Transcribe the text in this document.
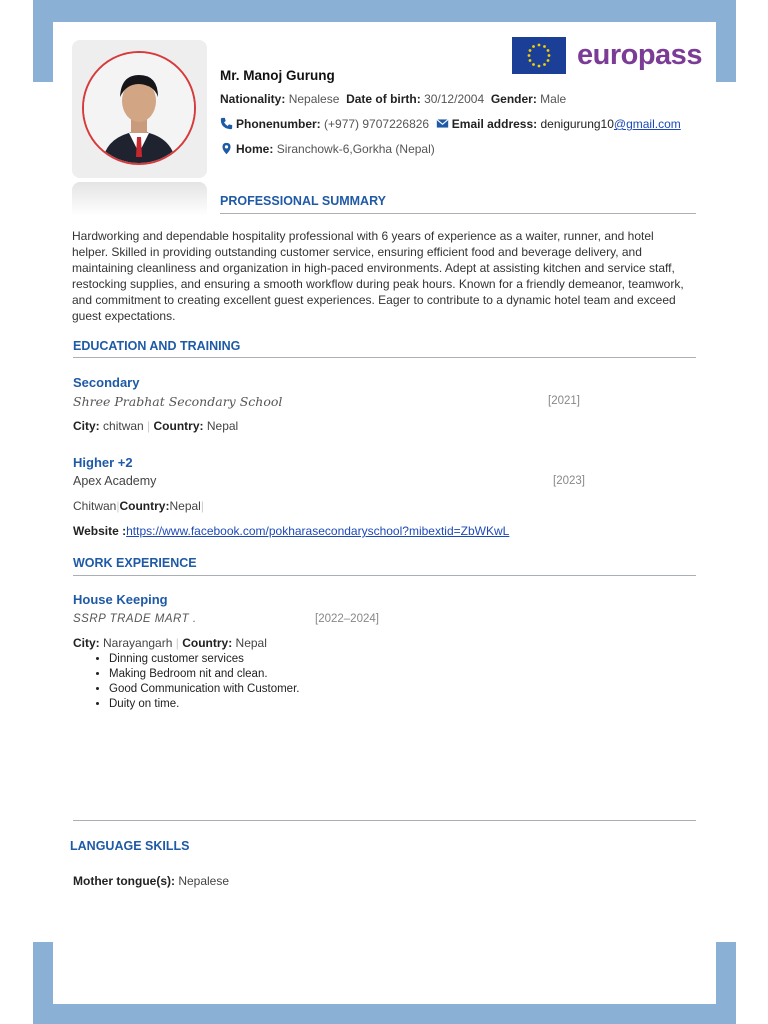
Mr. Manoj Gurung
Nationality: Nepalese Date of birth: 30/12/2004 Gender: Male
Phonenumber: (+977) 9707226826 Email address: denigurung10@gmail.com
Home: Siranchowk-6,Gorkha (Nepal)
europass
PROFESSIONAL SUMMARY
Hardworking and dependable hospitality professional with 6 years of experience as a waiter, runner, and hotel helper. Skilled in providing outstanding customer service, ensuring efficient food and beverage delivery, and maintaining cleanliness and organization in high-paced environments. Adept at assisting kitchen and service staff, restocking supplies, and ensuring a smooth workflow during peak hours. Known for a friendly demeanor, teamwork, and commitment to creating excellent guest experiences. Eager to contribute to a dynamic hotel team and exceed guest expectations.
EDUCATION AND TRAINING
Secondary
Shree Prabhat Secondary School	[2021]
City: chitwan | Country: Nepal
Higher +2
Apex Academy	[2023]
Chitwan|Country:Nepal|
Website :https://www.facebook.com/pokharasecondaryschool?mibextid=ZbWKwL
WORK EXPERIENCE
House Keeping
SSRP TRADE MART .	[2022–2024]
City: Narayangarh | Country: Nepal
• Dinning customer services
• Making Bedroom nit and clean.
• Good Communication with Customer.
• Duity on time.
LANGUAGE SKILLS
Mother tongue(s): Nepalese
